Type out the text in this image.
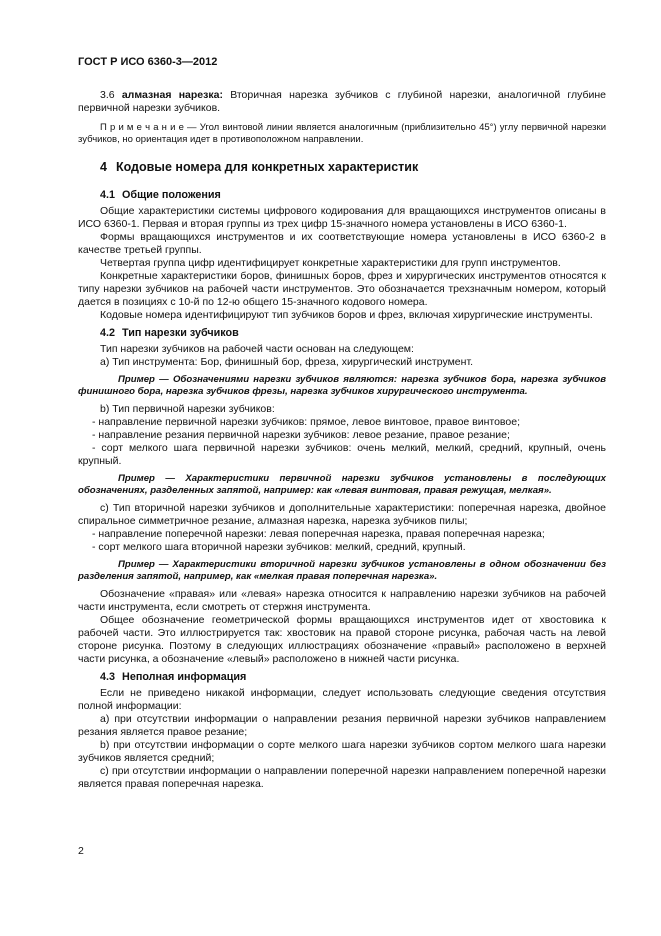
ГОСТ Р ИСО 6360-3—2012

3.6 алмазная нарезка: Вторичная нарезка зубчиков с глубиной нарезки, аналогичной глубине первичной нарезки зубчиков.

П р и м е ч а н и е — Угол винтовой линии является аналогичным (приблизительно 45°) углу первичной нарезки зубчиков, но ориентация идет в противоположном направлении.

4 Кодовые номера для конкретных характеристик
4.1 Общие положения

Общие характеристики системы цифрового кодирования для вращающихся инструментов описаны в ИСО 6360-1. Первая и вторая группы из трех цифр 15-значного номера установлены в ИСО 6360-1.

Формы вращающихся инструментов и их соответствующие номера установлены в ИСО 6360-2 в качестве третьей группы.

Четвертая группа цифр идентифицирует конкретные характеристики для групп инструментов.

Конкретные характеристики боров, финишных боров, фрез и хирургических инструментов относятся к типу нарезки зубчиков на рабочей части инструментов. Это обозначается трехзначным номером, который дается в позициях с 10-й по 12-ю общего 15-значного кодового номера.

Кодовые номера идентифицируют тип зубчиков боров и фрез, включая хирургические инструменты.

4.2 Тип нарезки зубчиков

Тип нарезки зубчиков на рабочей части основан на следующем:

a) Тип инструмента: Бор, финишный бор, фреза, хирургический инструмент.

Пример — Обозначениями нарезки зубчиков являются: нарезка зубчиков бора, нарезка зубчиков финишного бора, нарезка зубчиков фрезы, нарезка зубчиков хирургического инструмента.

b) Тип первичной нарезки зубчиков:

- направление первичной нарезки зубчиков: прямое, левое винтовое, правое винтовое;

- направление резания первичной нарезки зубчиков: левое резание, правое резание;

- сорт мелкого шага первичной нарезки зубчиков: очень мелкий, мелкий, средний, крупный, очень крупный.

Пример — Характеристики первичной нарезки зубчиков установлены в последующих обозначениях, разделенных запятой, например: как «левая винтовая, правая режущая, мелкая».

c) Тип вторичной нарезки зубчиков и дополнительные характеристики: поперечная нарезка, двойное спиральное симметричное резание, алмазная нарезка, нарезка зубчиков пилы;

- направление поперечной нарезки: левая поперечная нарезка, правая поперечная нарезка;

- сорт мелкого шага вторичной нарезки зубчиков: мелкий, средний, крупный.

Пример — Характеристики вторичной нарезки зубчиков установлены в одном обозначении без разделения запятой, например, как «мелкая правая поперечная нарезка».

Обозначение «правая» или «левая» нарезка относится к направлению нарезки зубчиков на рабочей части инструмента, если смотреть от стержня инструмента.

Общее обозначение геометрической формы вращающихся инструментов идет от хвостовика к рабочей части. Это иллюстрируется так: хвостовик на правой стороне рисунка, рабочая часть на левой стороне рисунка. Поэтому в следующих иллюстрациях обозначение «правый» расположено в верхней части рисунка, а обозначение «левый» расположено в нижней части рисунка.

4.3 Неполная информация

Если не приведено никакой информации, следует использовать следующие сведения отсутствия полной информации:

a) при отсутствии информации о направлении резания первичной нарезки зубчиков направлением резания является правое резание;

b) при отсутствии информации о сорте мелкого шага нарезки зубчиков сортом мелкого шага нарезки зубчиков является средний;

c) при отсутствии информации о направлении поперечной нарезки направлением поперечной нарезки является правая поперечная нарезка.

2
